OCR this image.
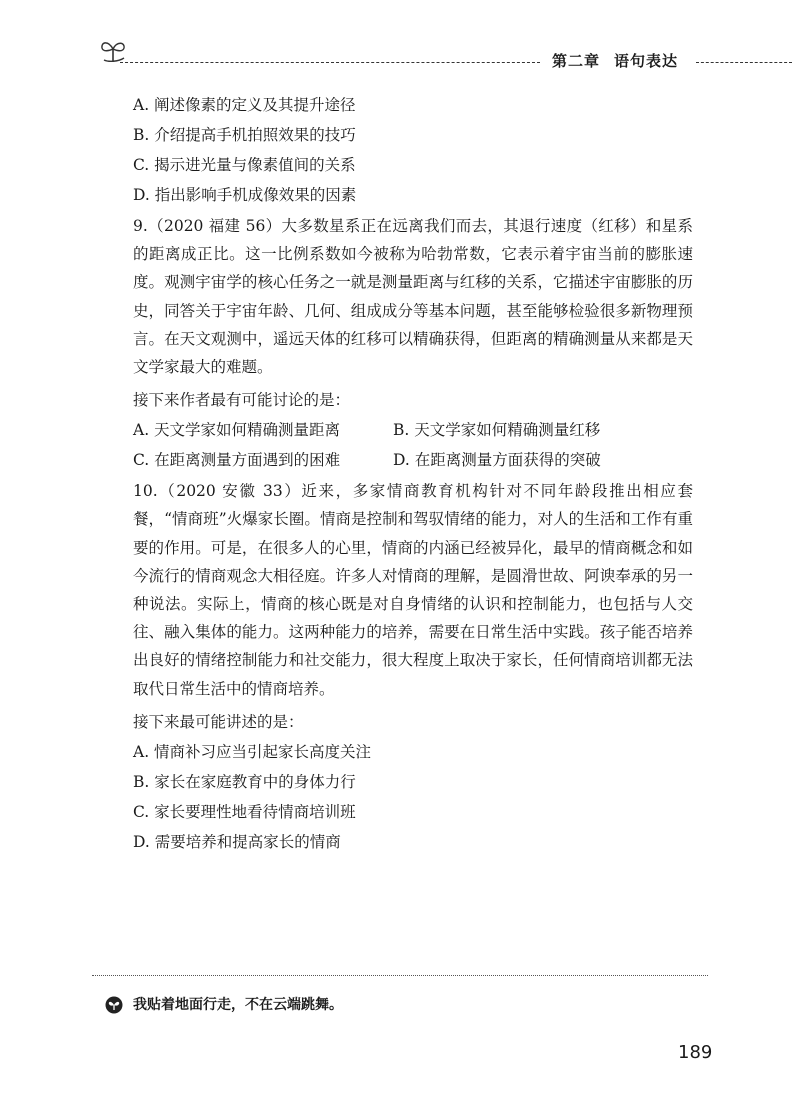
第二章 语句表达
A. 阐述像素的定义及其提升途径
B. 介绍提高手机拍照效果的技巧
C. 揭示进光量与像素值间的关系
D. 指出影响手机成像效果的因素

9.（2020 福建 56）大多数星系正在远离我们而去，其退行速度（红移）和星系的距离成正比。这一比例系数如今被称为哈勃常数，它表示着宇宙当前的膨胀速度。观测宇宙学的核心任务之一就是测量距离与红移的关系，它描述宇宙膨胀的历史，同答关于宇宙年龄、几何、组成成分等基本问题，甚至能够检验很多新物理预言。在天文观测中，遥远天体的红移可以精确获得，但距离的精确测量从来都是天文学家最大的难题。

接下来作者最有可能讨论的是：
A. 天文学家如何精确测量距离	B. 天文学家如何精确测量红移
C. 在距离测量方面遇到的困难	D. 在距离测量方面获得的突破

10.（2020 安徽 33）近来，多家情商教育机构针对不同年龄段推出相应套餐，“情商班”火爆家长圈。情商是控制和驾驭情绪的能力，对人的生活和工作有重要的作用。可是，在很多人的心里，情商的内涵已经被异化，最早的情商概念和如今流行的情商观念大相径庭。许多人对情商的理解，是圆滑世故、阿谀奉承的另一种说法。实际上，情商的核心既是对自身情绪的认识和控制能力，也包括与人交往、融入集体的能力。这两种能力的培养，需要在日常生活中实践。孩子能否培养出良好的情绪控制能力和社交能力，很大程度上取决于家长，任何情商培训都无法取代日常生活中的情商培养。

接下来最可能讲述的是：
A. 情商补习应当引起家长高度关注
B. 家长在家庭教育中的身体力行
C. 家长要理性地看待情商培训班
D. 需要培养和提高家长的情商
我贴着地面行走，不在云端跳舞。
189
